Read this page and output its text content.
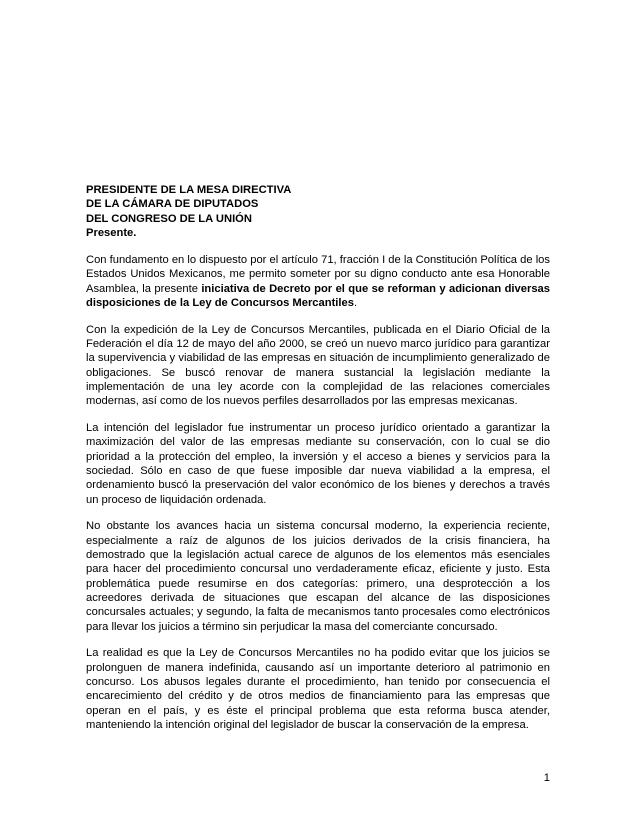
PRESIDENTE DE LA MESA DIRECTIVA

DE LA CÁMARA DE DIPUTADOS

DEL CONGRESO DE LA UNIÓN

Presente.

Con fundamento en lo dispuesto por el artículo 71, fracción I de la Constitución Política de los Estados Unidos Mexicanos, me permito someter por su digno conducto ante esa Honorable Asamblea, la presente iniciativa de Decreto por el que se reforman y adicionan diversas disposiciones de la Ley de Concursos Mercantiles.

Con la expedición de la Ley de Concursos Mercantiles, publicada en el Diario Oficial de la Federación el día 12 de mayo del año 2000, se creó un nuevo marco jurídico para garantizar la supervivencia y viabilidad de las empresas en situación de incumplimiento generalizado de obligaciones. Se buscó renovar de manera sustancial la legislación mediante la implementación de una ley acorde con la complejidad de las relaciones comerciales modernas, así como de los nuevos perfiles desarrollados por las empresas mexicanas.

La intención del legislador fue instrumentar un proceso jurídico orientado a garantizar la maximización del valor de las empresas mediante su conservación, con lo cual se dio prioridad a la protección del empleo, la inversión y el acceso a bienes y servicios para la sociedad. Sólo en caso de que fuese imposible dar nueva viabilidad a la empresa, el ordenamiento buscó la preservación del valor económico de los bienes y derechos a través un proceso de liquidación ordenada.

No obstante los avances hacia un sistema concursal moderno, la experiencia reciente, especialmente a raíz de algunos de los juicios derivados de la crisis financiera, ha demostrado que la legislación actual carece de algunos de los elementos más esenciales para hacer del procedimiento concursal uno verdaderamente eficaz, eficiente y justo. Esta problemática puede resumirse en dos categorías: primero, una desprotección a los acreedores derivada de situaciones que escapan del alcance de las disposiciones concursales actuales; y segundo, la falta de mecanismos tanto procesales como electrónicos para llevar los juicios a término sin perjudicar la masa del comerciante concursado.

La realidad es que la Ley de Concursos Mercantiles no ha podido evitar que los juicios se prolonguen de manera indefinida, causando así un importante deterioro al patrimonio en concurso. Los abusos legales durante el procedimiento, han tenido por consecuencia el encarecimiento del crédito y de otros medios de financiamiento para las empresas que operan en el país, y es éste el principal problema que esta reforma busca atender, manteniendo la intención original del legislador de buscar la conservación de la empresa.

1
